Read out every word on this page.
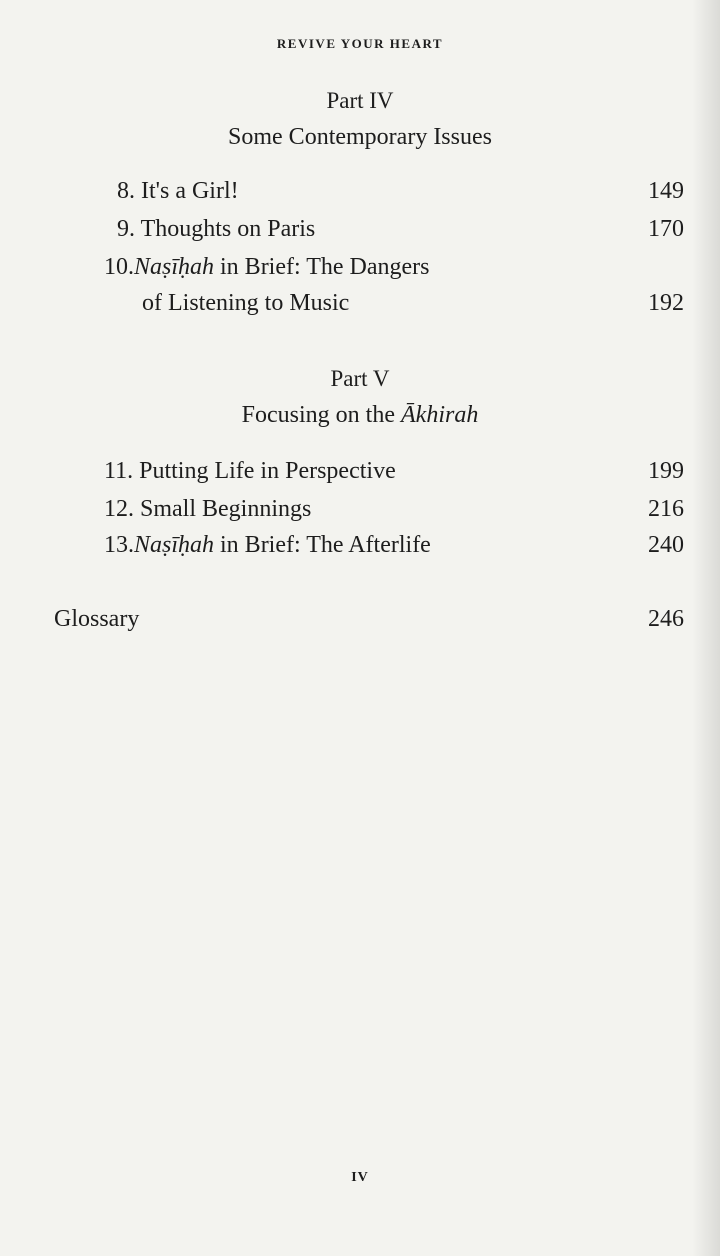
REVIVE YOUR HEART
Part IV
Some Contemporary Issues
8. It's a Girl!	149
9. Thoughts on Paris	170
10.Naṣīḥah in Brief: The Dangers
of Listening to Music	192
Part V
Focusing on the Ākhirah
11. Putting Life in Perspective	199
12. Small Beginnings	216
13.Naṣīḥah in Brief: The Afterlife	240
Glossary	246
IV
